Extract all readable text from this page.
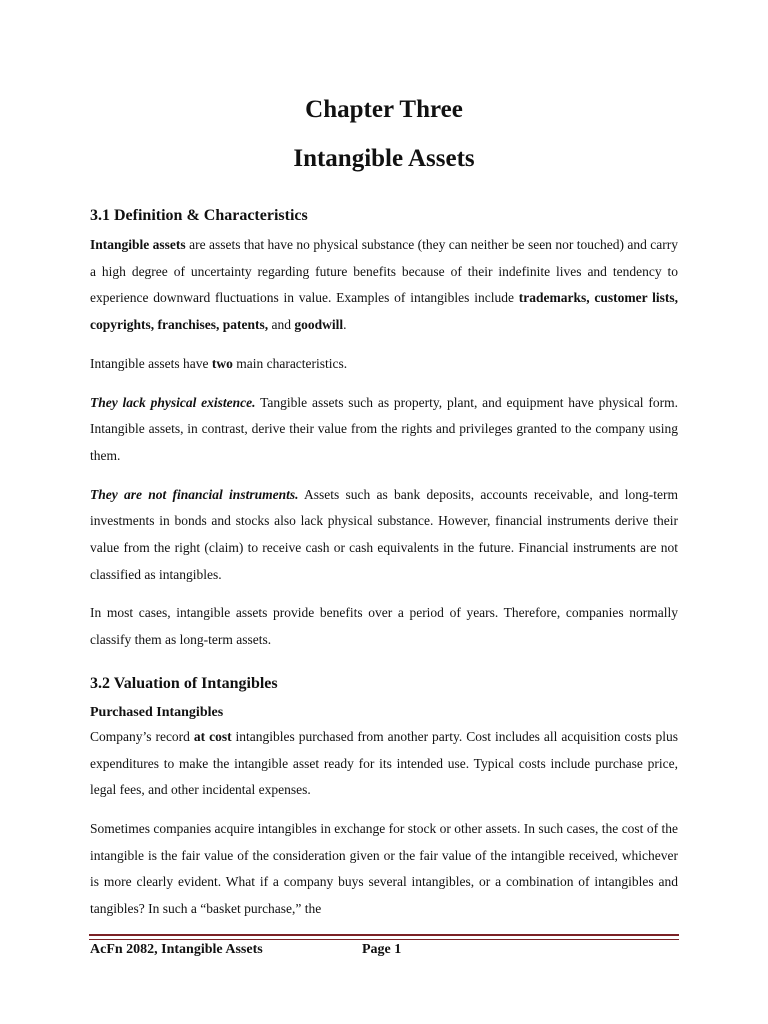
Chapter Three
Intangible Assets
3.1 Definition & Characteristics

Intangible assets are assets that have no physical substance (they can neither be seen nor touched) and carry a high degree of uncertainty regarding future benefits because of their indefinite lives and tendency to experience downward fluctuations in value. Examples of intangibles include trademarks, customer lists, copyrights, franchises, patents, and goodwill.

Intangible assets have two main characteristics.

They lack physical existence. Tangible assets such as property, plant, and equipment have physical form. Intangible assets, in contrast, derive their value from the rights and privileges granted to the company using them.

They are not financial instruments. Assets such as bank deposits, accounts receivable, and long-term investments in bonds and stocks also lack physical substance. However, financial instruments derive their value from the right (claim) to receive cash or cash equivalents in the future. Financial instruments are not classified as intangibles.

In most cases, intangible assets provide benefits over a period of years. Therefore, companies normally classify them as long-term assets.

3.2 Valuation of Intangibles
Purchased Intangibles

Company’s record at cost intangibles purchased from another party. Cost includes all acquisition costs plus expenditures to make the intangible asset ready for its intended use. Typical costs include purchase price, legal fees, and other incidental expenses.

Sometimes companies acquire intangibles in exchange for stock or other assets. In such cases, the cost of the intangible is the fair value of the consideration given or the fair value of the intangible received, whichever is more clearly evident. What if a company buys several intangibles, or a combination of intangibles and tangibles? In such a “basket purchase,” the

AcFn 2082, Intangible Assets	Page 1
